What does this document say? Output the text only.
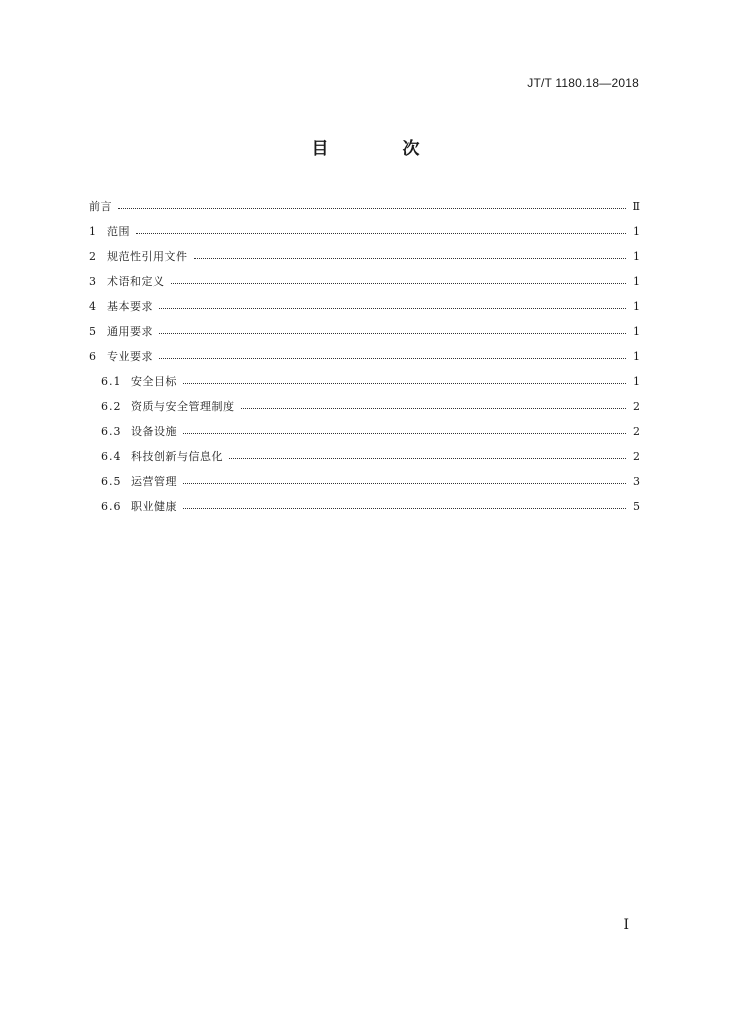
JT/T 1180.18—2018
目 次
前言	Ⅱ
1	范围	1
2	规范性引用文件	1
3	术语和定义	1
4	基本要求	1
5	通用要求	1
6	专业要求	1
6.1 安全目标	1
6.2 资质与安全管理制度	2
6.3 设备设施	2
6.4 科技创新与信息化	2
6.5 运营管理	3
6.6 职业健康	5
Ⅰ
